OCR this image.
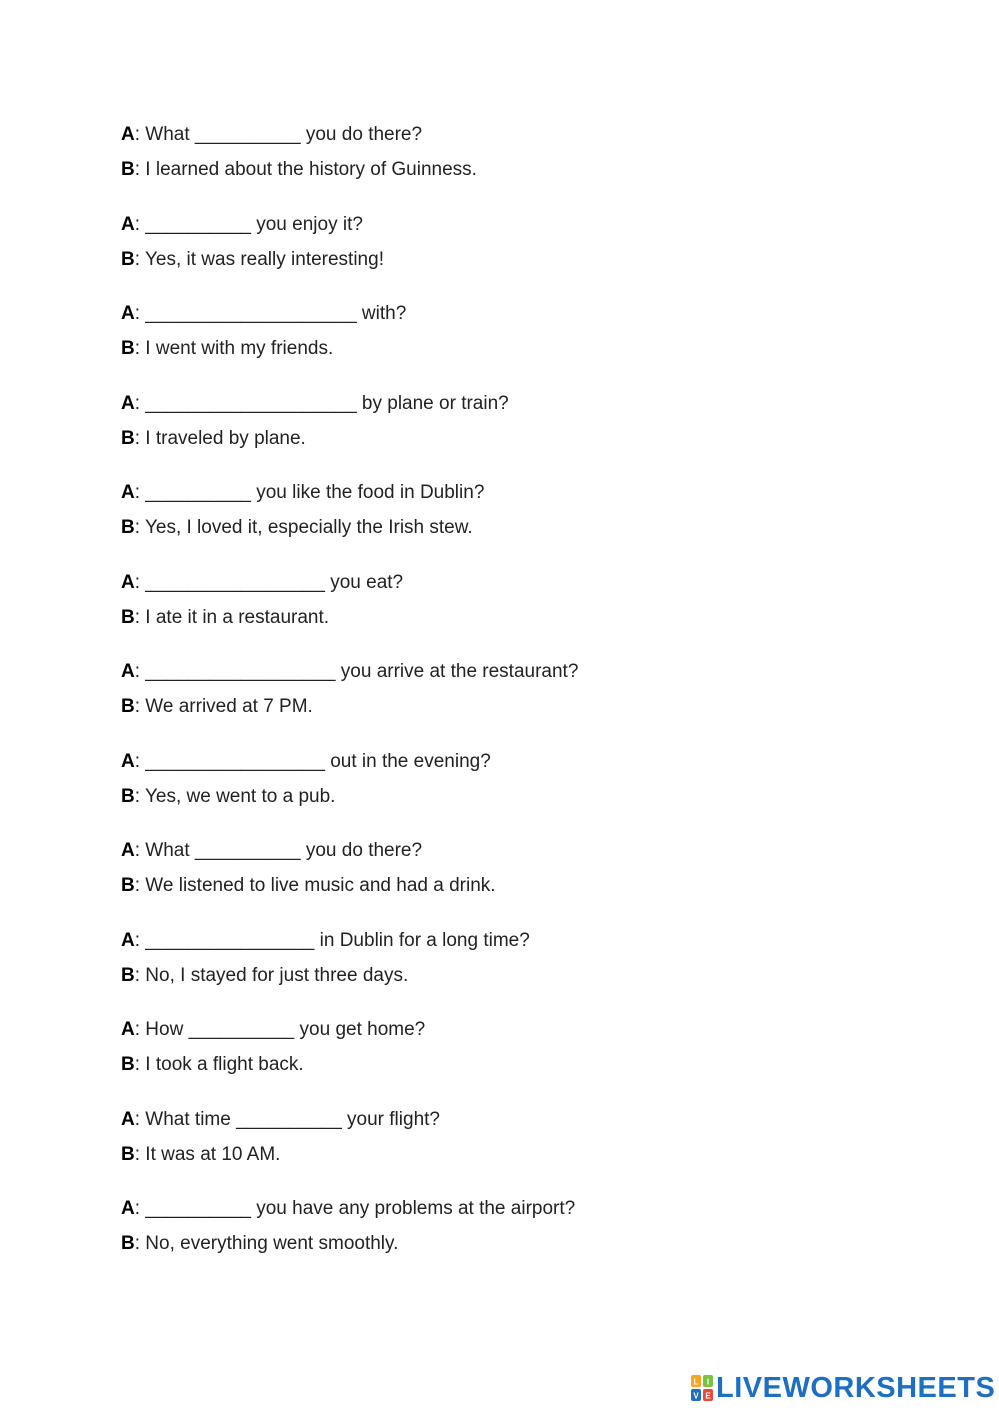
A: What __________ you do there?
B: I learned about the history of Guinness.
A: __________ you enjoy it?
B: Yes, it was really interesting!
A: ____________________ with?
B: I went with my friends.
A: ____________________ by plane or train?
B: I traveled by plane.
A: __________ you like the food in Dublin?
B: Yes, I loved it, especially the Irish stew.
A: _________________ you eat?
B: I ate it in a restaurant.
A: __________________ you arrive at the restaurant?
B: We arrived at 7 PM.
A: _________________ out in the evening?
B: Yes, we went to a pub.
A: What __________ you do there?
B: We listened to live music and had a drink.
A: ________________ in Dublin for a long time?
B: No, I stayed for just three days.
A: How __________ you get home?
B: I took a flight back.
A: What time __________ your flight?
B: It was at 10 AM.
A: __________ you have any problems at the airport?
B: No, everything went smoothly.
L I
V E LIVEWORKSHEETS
